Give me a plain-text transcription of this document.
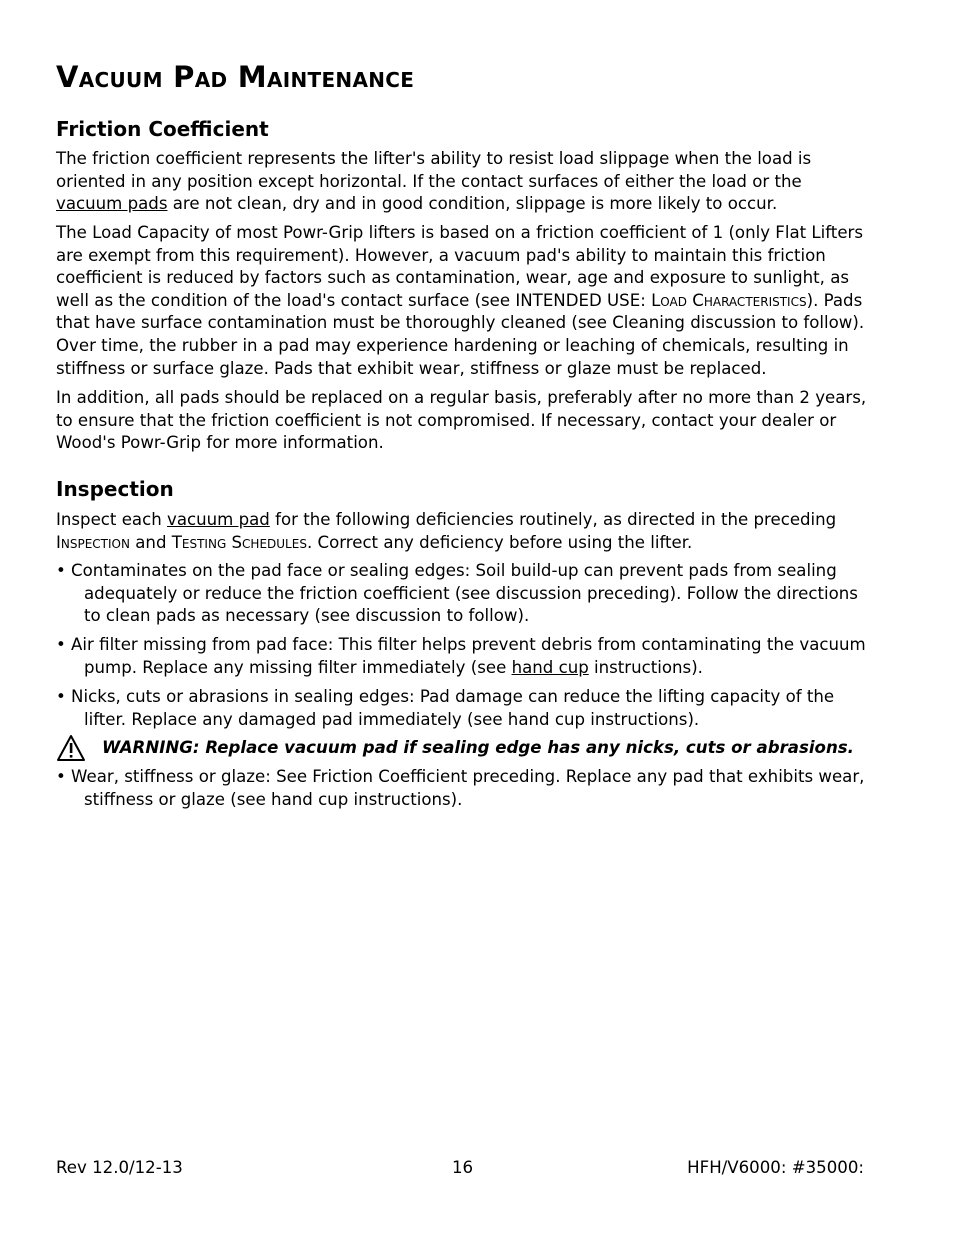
Vacuum Pad Maintenance
Friction Coefficient

The friction coefficient represents the lifter's ability to resist load slippage when the load is oriented in any position except horizontal. If the contact surfaces of either the load or the vacuum pads are not clean, dry and in good condition, slippage is more likely to occur.

The Load Capacity of most Powr-Grip lifters is based on a friction coefficient of 1 (only Flat Lifters are exempt from this requirement). However, a vacuum pad's ability to maintain this friction coefficient is reduced by factors such as contamination, wear, age and exposure to sunlight, as well as the condition of the load's contact surface (see INTENDED USE: Load Characteristics). Pads that have surface contamination must be thoroughly cleaned (see Cleaning discussion to follow). Over time, the rubber in a pad may experience hardening or leaching of chemicals, resulting in stiffness or surface glaze. Pads that exhibit wear, stiffness or glaze must be replaced.

In addition, all pads should be replaced on a regular basis, preferably after no more than 2 years, to ensure that the friction coefficient is not compromised. If necessary, contact your dealer or Wood's Powr-Grip for more information.

Inspection

Inspect each vacuum pad for the following deficiencies routinely, as directed in the preceding Inspection and Testing Schedules. Correct any deficiency before using the lifter.

• Contaminates on the pad face or sealing edges: Soil build-up can prevent pads from sealing adequately or reduce the friction coefficient (see discussion preceding). Follow the directions to clean pads as necessary (see discussion to follow).
• Air filter missing from pad face: This filter helps prevent debris from contaminating the vacuum pump. Replace any missing filter immediately (see hand cup instructions).
• Nicks, cuts or abrasions in sealing edges: Pad damage can reduce the lifting capacity of the lifter. Replace any damaged pad immediately (see hand cup instructions).
WARNING: Replace vacuum pad if sealing edge has any nicks, cuts or abrasions.
• Wear, stiffness or glaze: See Friction Coefficient preceding. Replace any pad that exhibits wear, stiffness or glaze (see hand cup instructions).
Rev 12.0/12-13	16	HFH/V6000: #35000:
